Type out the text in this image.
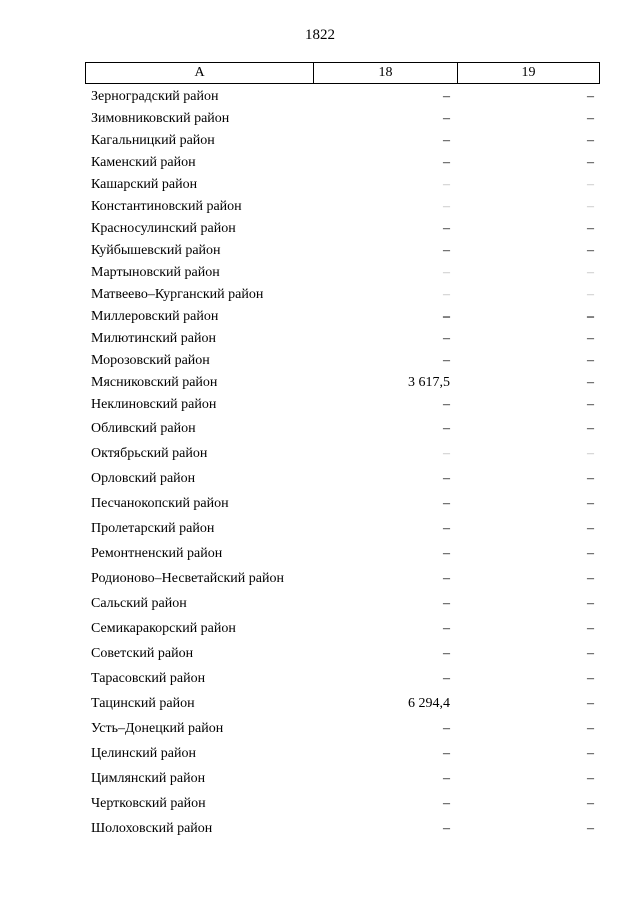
1822
А	18	19
Зерноградский район	–	–
Зимовниковский район	–	–
Кагальницкий район	–	–
Каменский район	–	–
Кашарский район	–	–
Константиновский район	–	–
Красносулинский район	–	–
Куйбышевский район	–	–
Мартыновский район	–	–
Матвеево–Курганский район	–	–
Миллеровский район	–	–
Милютинский район	–	–
Морозовский район	–	–
Мясниковский район	3 617,5	–
Неклиновский район	–	–
Обливский район	–	–
Октябрьский район	–	–
Орловский район	–	–
Песчанокопский район	–	–
Пролетарский район	–	–
Ремонтненский район	–	–
Родионово–Несветайский район	–	–
Сальский район	–	–
Семикаракорский район	–	–
Советский район	–	–
Тарасовский район	–	–
Тацинский район	6 294,4	–
Усть–Донецкий район	–	–
Целинский район	–	–
Цимлянский район	–	–
Чертковский район	–	–
Шолоховский район	–	–
